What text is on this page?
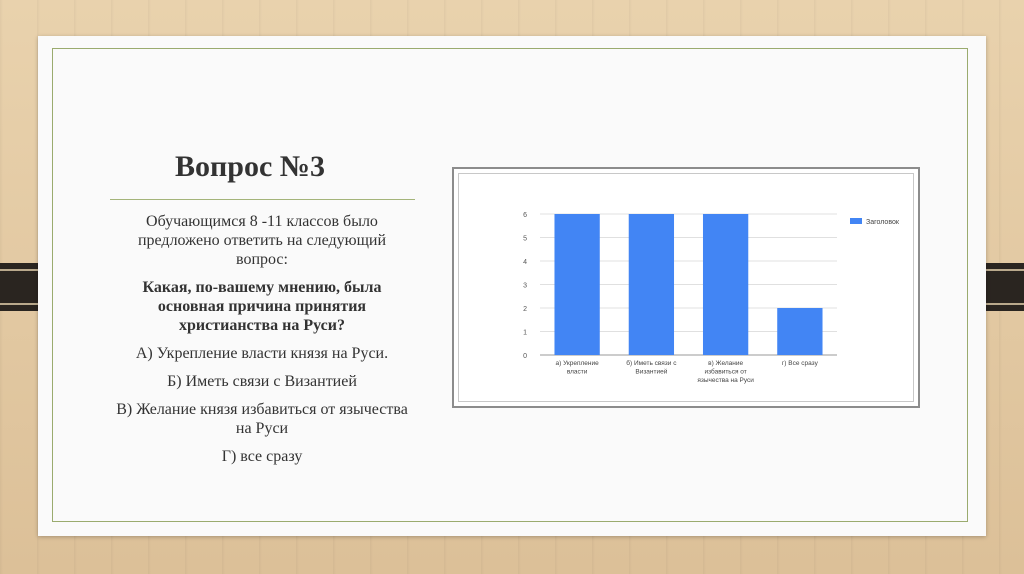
Вопрос №3

Обучающимся 8 -11 классов было предложено ответить на следующий вопрос:

Какая, по-вашему мнению, была основная причина принятия христианства на Руси?

А) Укрепление власти князя на Руси.

Б) Иметь связи с Византией

В) Желание князя избавиться от язычества на Руси

Г) все сразу

0
1
2
3
4
5
6
а) Укрепление
власти
б) Иметь связи с
Византией
в) Желание
избавиться от
язычества на Руси
г) Все сразу
Заголовок
